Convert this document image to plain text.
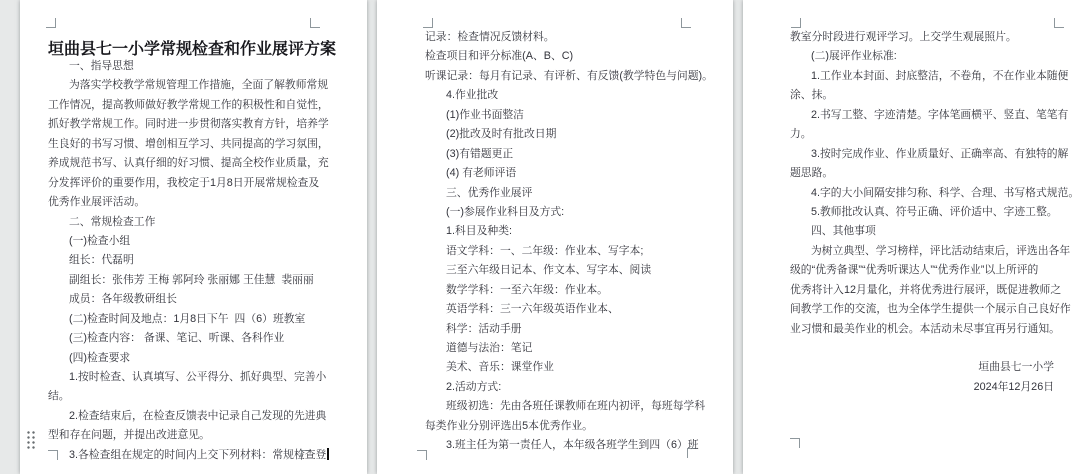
垣曲县七一小学常规检查和作业展评方案
一、指导思想
为落实学校教学常规管理工作措施，全面了解教师常规
工作情况，提高教师做好教学常规工作的积极性和自觉性，
抓好教学常规工作。同时进一步贯彻落实教育方针，培养学
生良好的书写习惯、增创相互学习、共同提高的学习氛围，
养成规范书写、认真仔细的好习惯、提高全校作业质量，充
分发挥评价的重要作用，我校定于1月8日开展常规检查及
优秀作业展评活动。
二、常规检查工作
(一)检查小组
组长：代磊明
副组长：张伟芳 王梅 郭阿玲 张丽娜 王佳慧  裴丽丽
成员：各年级教研组长
(二)检查时间及地点：1月8日下午  四（6）班教室
(三)检查内容： 备课、笔记、听课、各科作业
(四)检查要求
1.按时检查、认真填写、公平得分、抓好典型、完善小
结。
2.检查结束后，在检查反馈表中记录自己发现的先进典
型和存在问题，并提出改进意见。
3.各检查组在规定的时间内上交下列材料：常规检查登
记录：检查情况反馈材料。
检查项目和评分标准(A、B、C)
听课记录：每月有记录、有评析、有反馈(教学特色与问题)。
4.作业批改
(1)作业书面整洁
(2)批改及时有批改日期
(3)有错题更正
(4) 有老师评语
三、优秀作业展评
(一)参展作业科目及方式:
1.科目及种类:
语文学科：一、二年级：作业本、写字本;
三至六年级日记本、作文本、写字本、阅读
数学学科：一至六年级：作业本。
英语学科：三一六年级英语作业本、
科学：活动手册
道德与法治：笔记
美术、音乐：课堂作业
2.活动方式:
班级初选：先由各班任课教师在班内初评，每班每学科
每类作业分别评选出5本优秀作业。
3.班主任为第一责任人，本年级各班学生到四（6）班
教室分时段进行观评学习。上交学生观展照片。
(二)展评作业标准:
1.工作业本封面、封底整洁，不卷角，不在作业本随便
涂、抹。
2.书写工整、字迹清楚。字体笔画横平、竖直、笔笔有
力。
3.按时完成作业、作业质量好、正确率高、有独特的解
题思路。
4.字的大小间隔安排匀称、科学、合理、书写格式规范。
5.教师批改认真、符号正确、评价适中、字迹工整。
四、其他事项
为树立典型、学习榜样，评比活动结束后，评选出各年
级的“优秀备课”“优秀听课达人”“优秀作业”以上所评的
优秀将计入12月量化，并将优秀进行展评，既促进教师之
间教学工作的交流，也为全体学生提供一个展示自己良好作
业习惯和最美作业的机会。本活动未尽事宜再另行通知。
垣曲县七一小学
2024年12月26日
